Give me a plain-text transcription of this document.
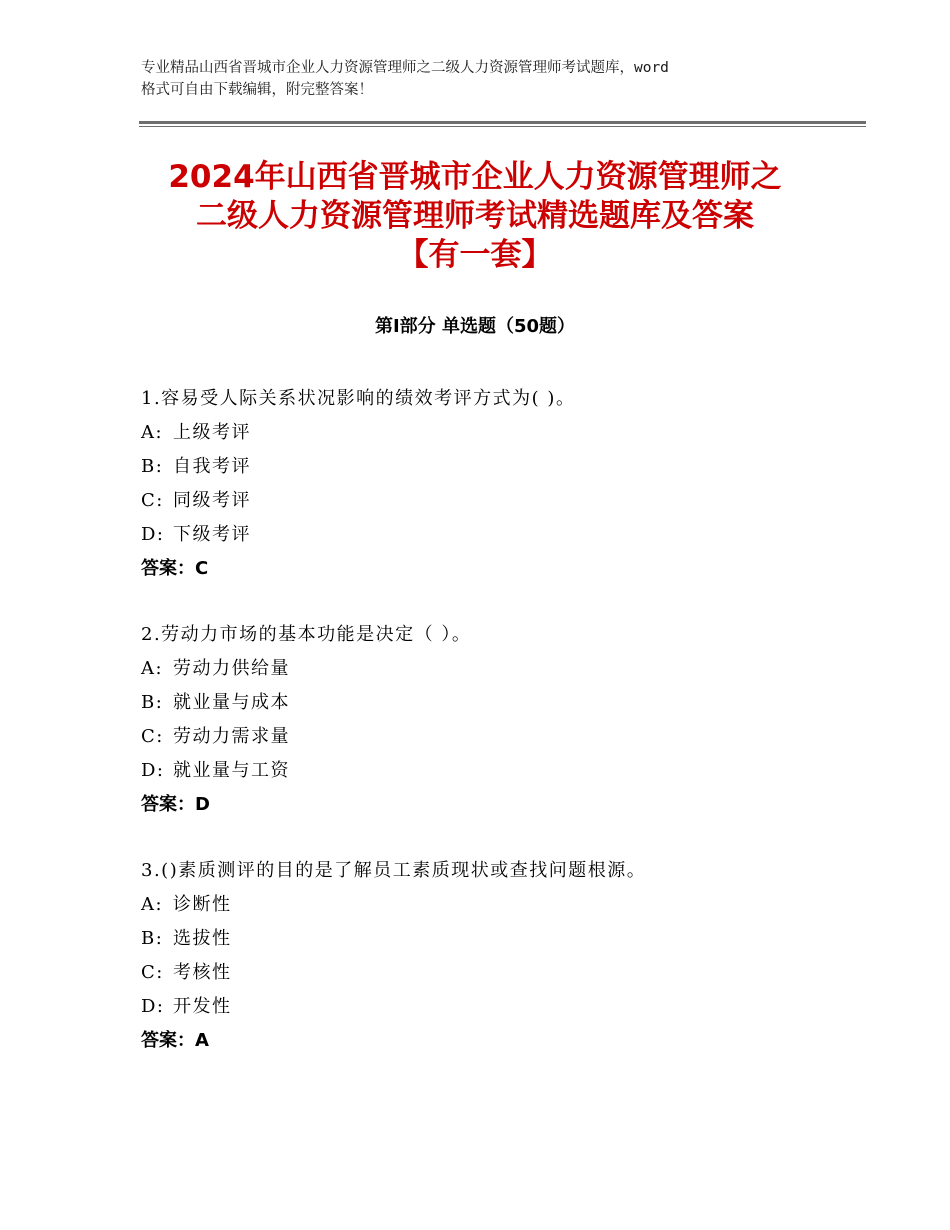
专业精品山西省晋城市企业人力资源管理师之二级人力资源管理师考试题库，word
格式可自由下载编辑，附完整答案！
2024年山西省晋城市企业人力资源管理师之
二级人力资源管理师考试精选题库及答案
【有一套】
第Ⅰ部分 单选题（50题）
1.容易受人际关系状况影响的绩效考评方式为( )。
A: 上级考评
B: 自我考评
C: 同级考评
D: 下级考评
答案：C
2.劳动力市场的基本功能是决定（ ）。
A: 劳动力供给量
B: 就业量与成本
C: 劳动力需求量
D: 就业量与工资
答案：D
3.()素质测评的目的是了解员工素质现状或查找问题根源。
A: 诊断性
B: 选拔性
C: 考核性
D: 开发性
答案：A
